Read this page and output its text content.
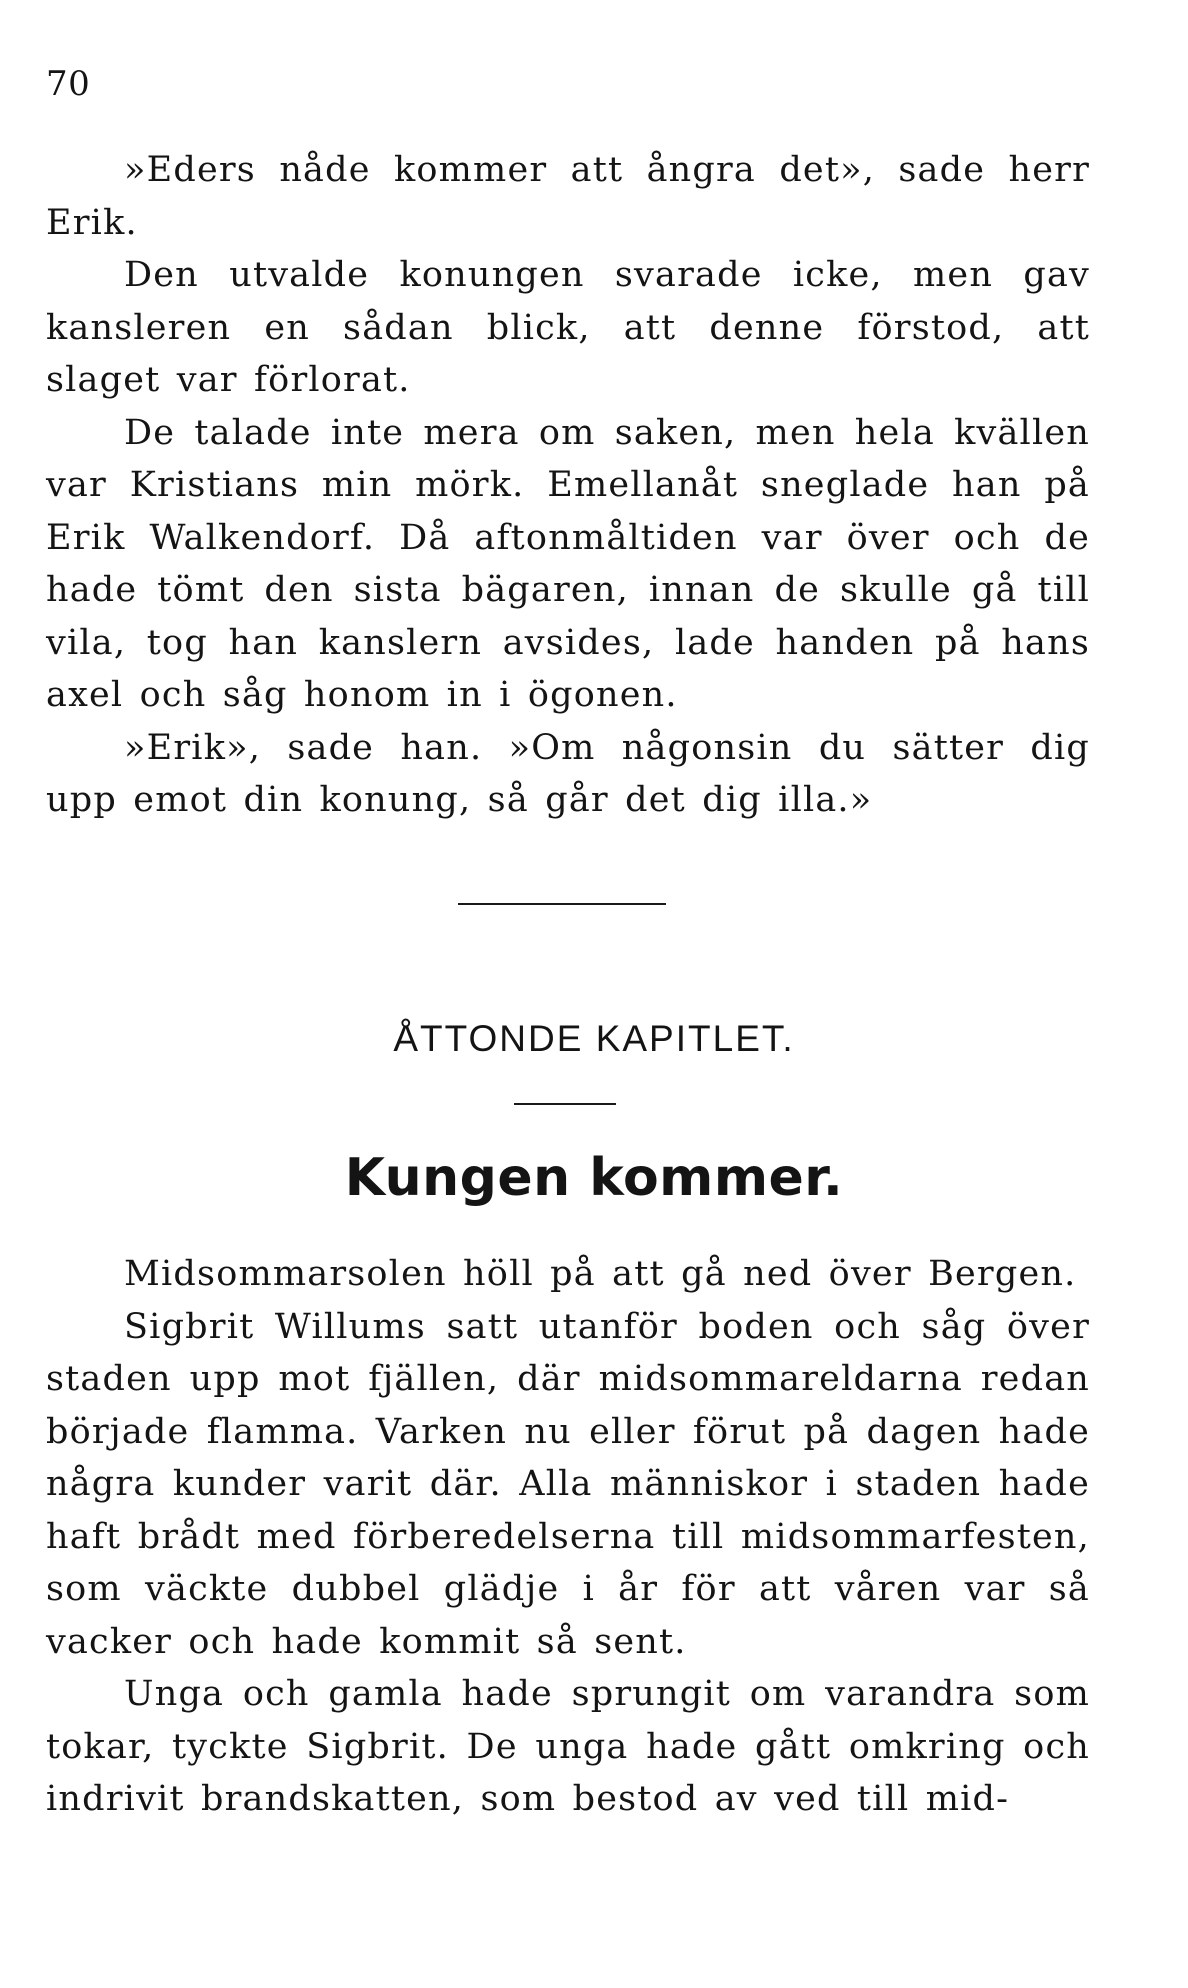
70

»Eders nåde kommer att ångra det», sade herr Erik.

Den utvalde konungen svarade icke, men gav kansleren en sådan blick, att denne förstod, att slaget var förlorat.

De talade inte mera om saken, men hela kvällen var Kristians min mörk. Emellanåt sneglade han på Erik Walkendorf. Då aftonmåltiden var över och de hade tömt den sista bägaren, innan de skulle gå till vila, tog han kanslern avsides, lade handen på hans axel och såg honom in i ögonen.

»Erik», sade han. »Om någonsin du sätter dig upp emot din konung, så går det dig illa.»

ÅTTONDE KAPITLET.
Kungen kommer.

Midsommarsolen höll på att gå ned över Bergen.

Sigbrit Willums satt utanför boden och såg över staden upp mot fjällen, där midsommareldarna redan började flamma. Varken nu eller förut på dagen hade några kunder varit där. Alla människor i staden hade haft brådt med förberedelserna till midsommarfesten, som väckte dubbel glädje i år för att våren var så vacker och hade kommit så sent.

Unga och gamla hade sprungit om varandra som tokar, tyckte Sigbrit. De unga hade gått omkring och indrivit brandskatten, som bestod av ved till mid-
